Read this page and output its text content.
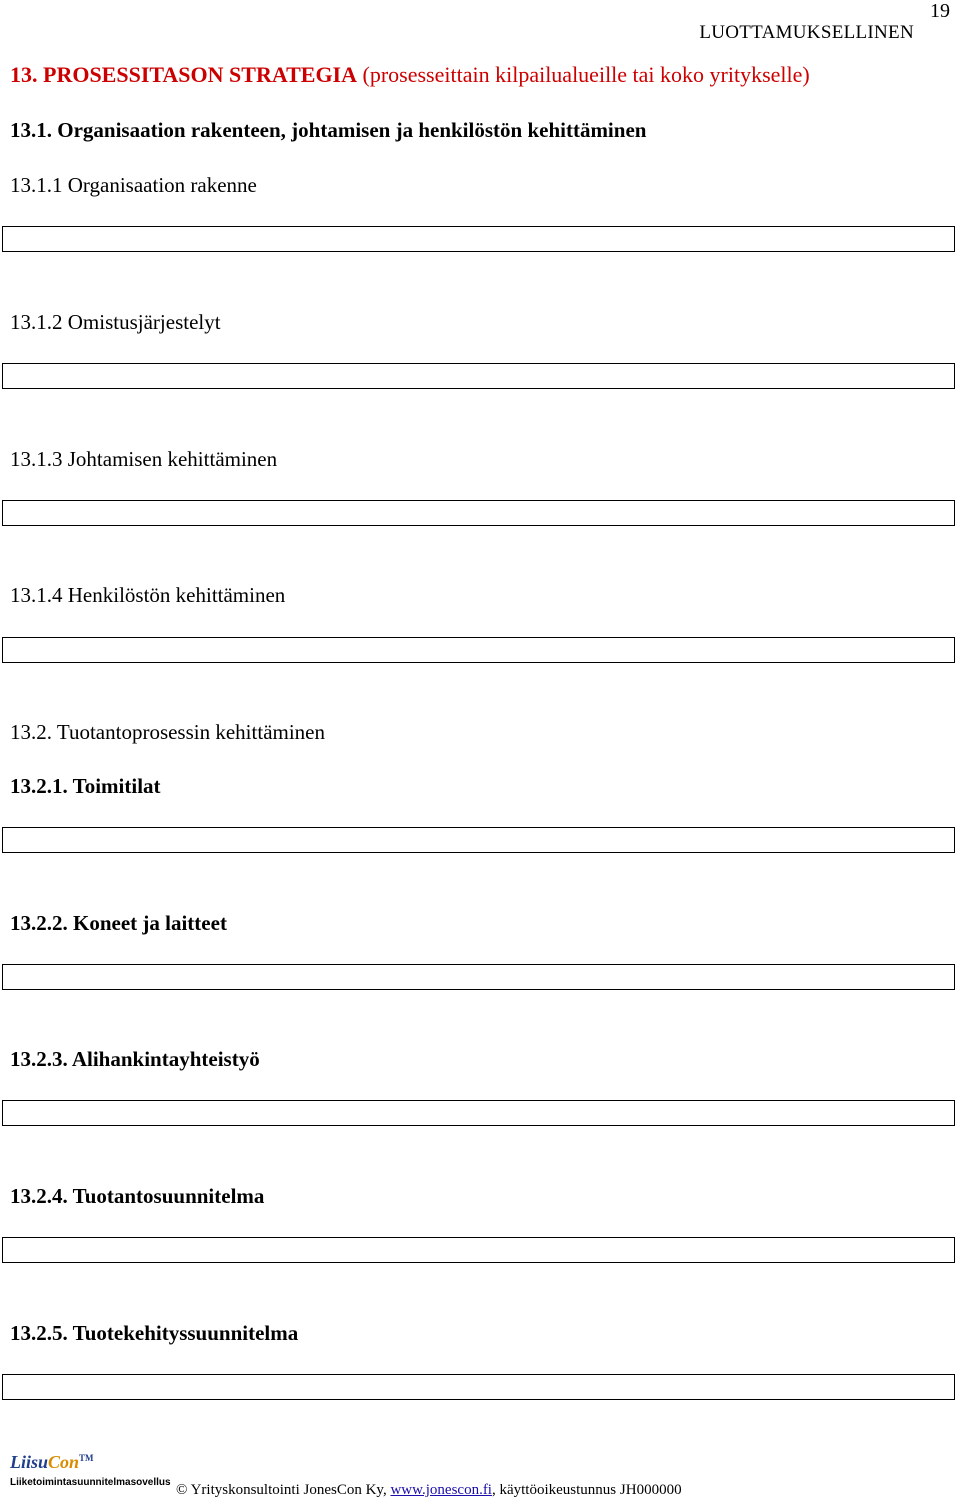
19
LUOTTAMUKSELLINEN
13. PROSESSITASON STRATEGIA (prosesseittain kilpailualueille tai koko yritykselle)
13.1. Organisaation rakenteen, johtamisen ja henkilöstön kehittäminen
13.1.1 Organisaation rakenne
13.1.2 Omistusjärjestelyt
13.1.3 Johtamisen kehittäminen
13.1.4 Henkilöstön kehittäminen
13.2. Tuotantoprosessin kehittäminen
13.2.1. Toimitilat
13.2.2. Koneet ja laitteet
13.2.3. Alihankintayhteistyö
13.2.4. Tuotantosuunnitelma
13.2.5. Tuotekehityssuunnitelma
LiisuCon™
Liiketoimintasuunnitelmasovellus © Yrityskonsultointi JonesCon Ky, www.jonescon.fi, käyttöoikeustunnus JH000000
